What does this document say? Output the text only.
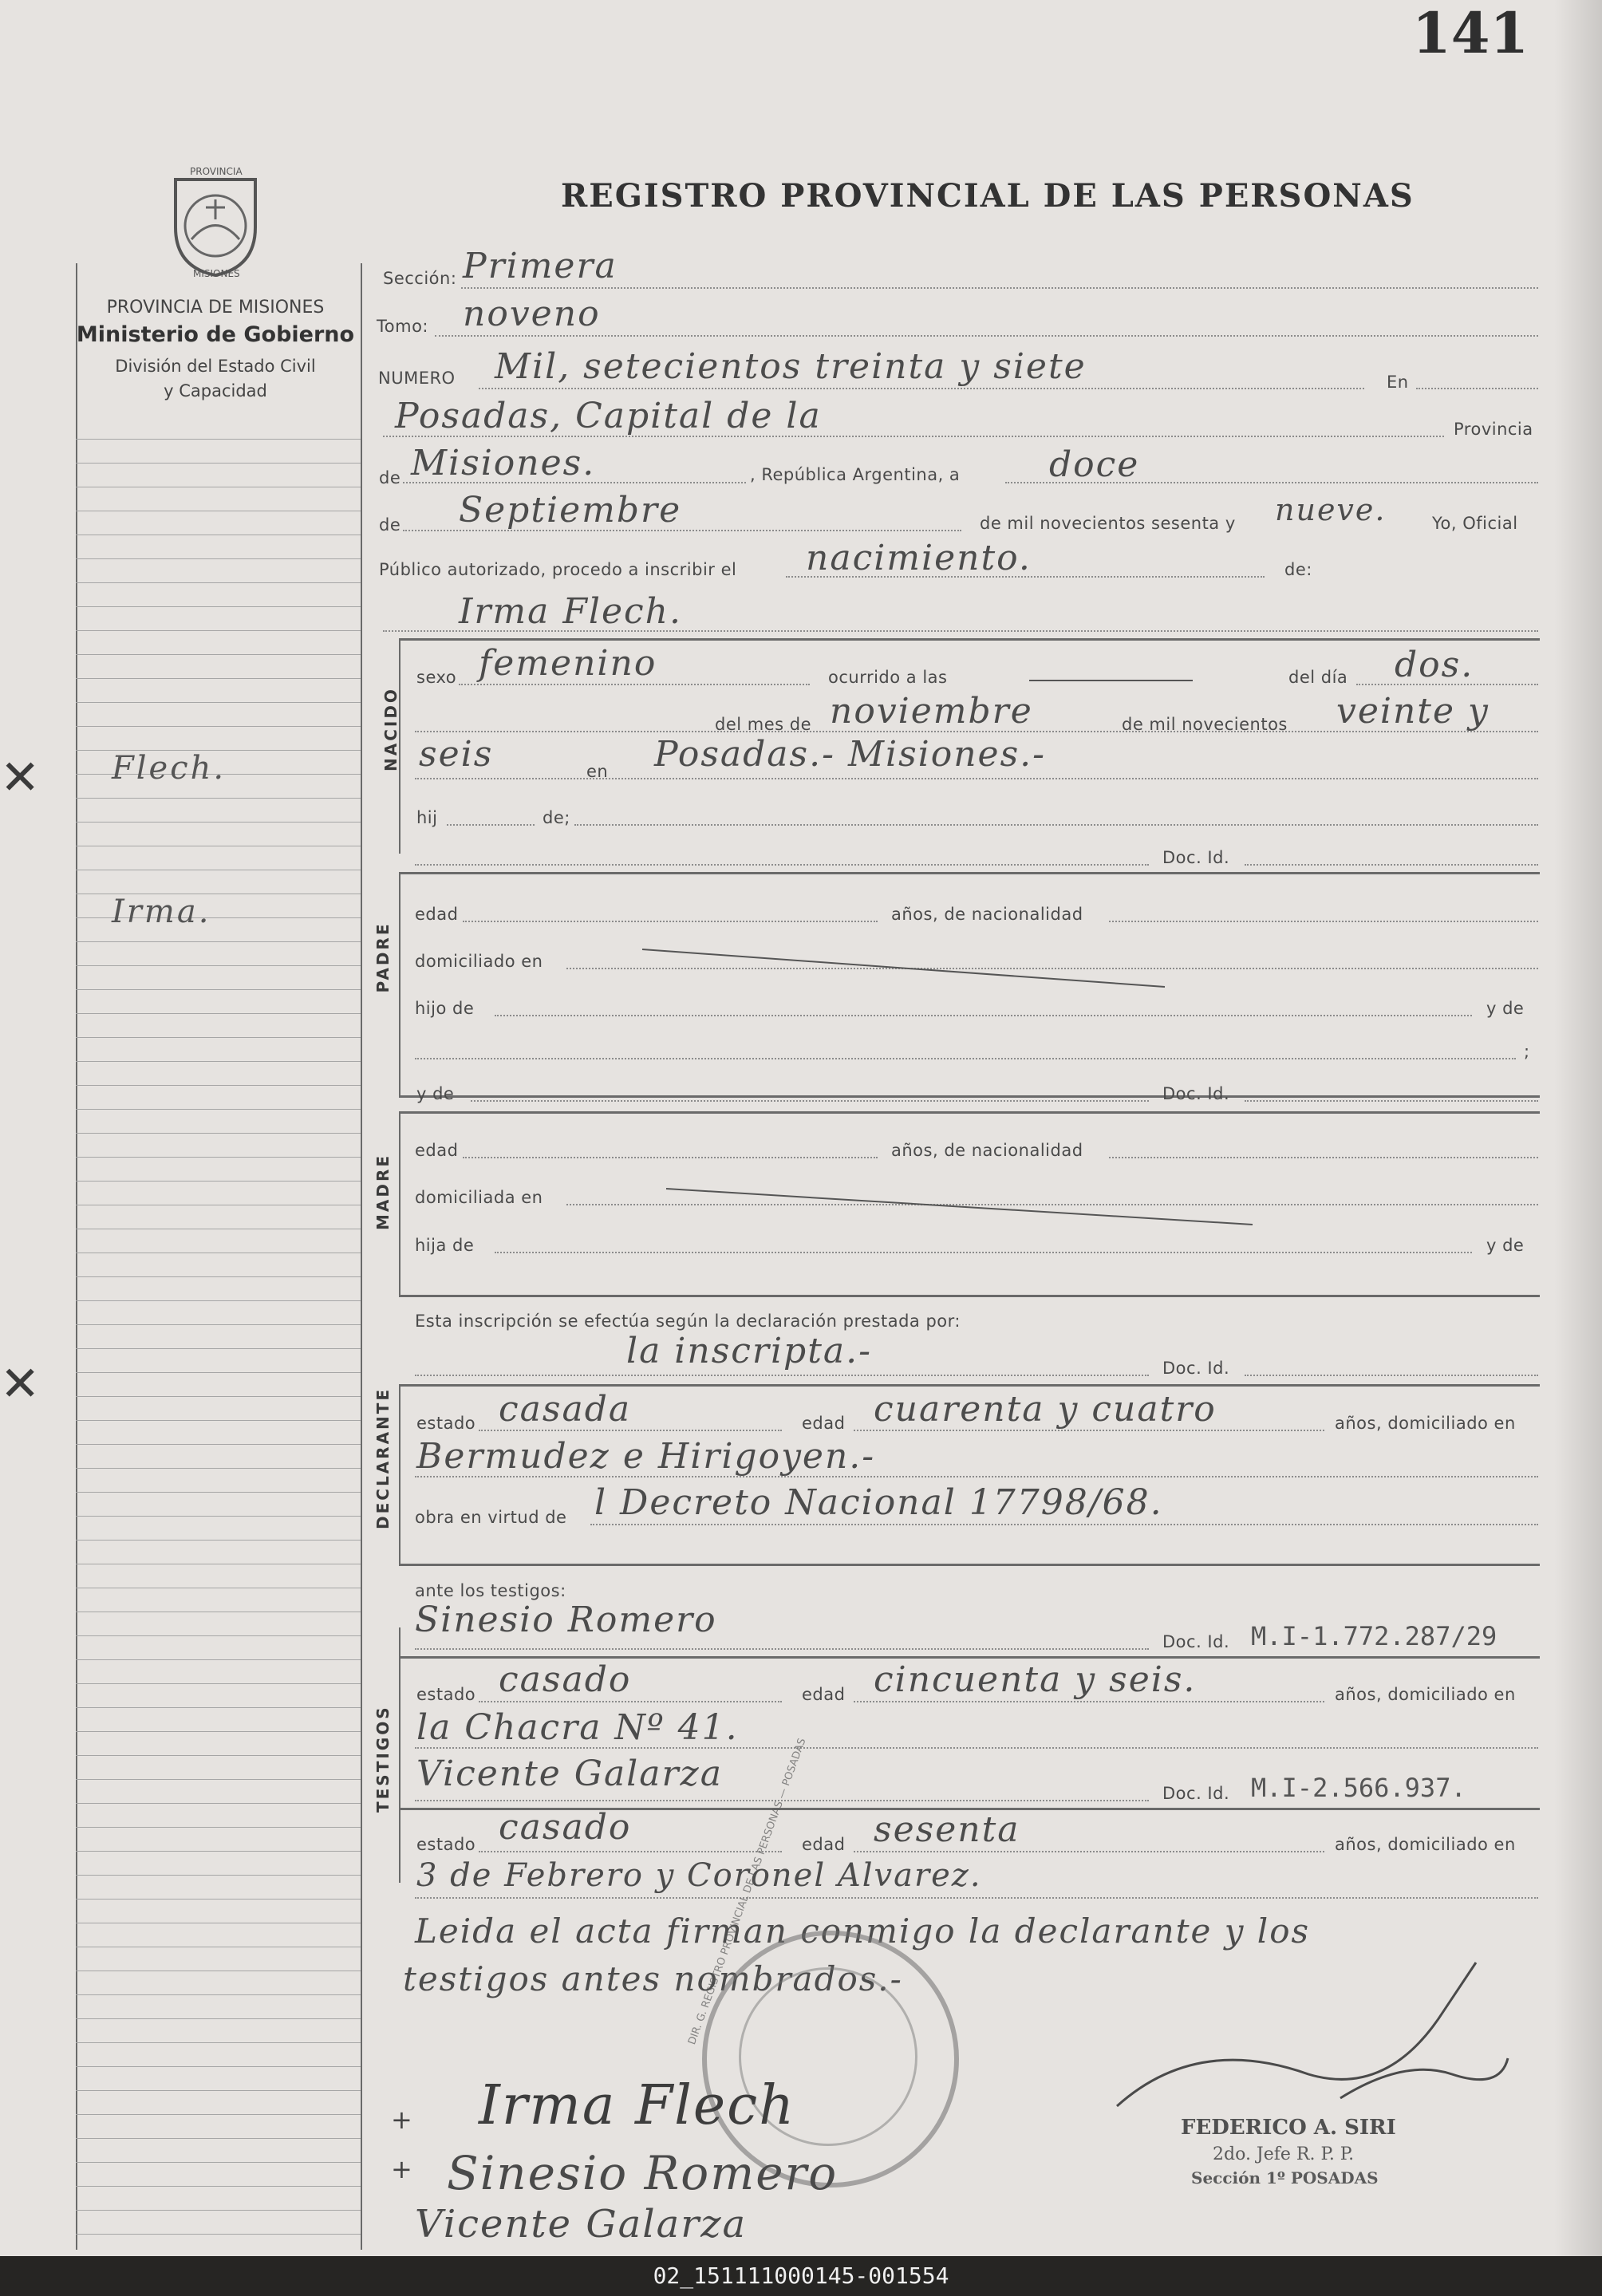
141
✕
✕
PROVINCIA
MISIONES
REGISTRO PROVINCIAL DE LAS PERSONAS
PROVINCIA DE MISIONES
Ministerio de Gobierno
División del Estado Civil
y Capacidad
Flech.
Irma.
Sección: Primera
Tomo: noveno
NUMERO Mil, setecientos treinta y siete	En
Posadas, Capital de la	Provincia
de Misiones.	, República Argentina, a	doce
de Septiembre	de mil novecientos sesenta y nueve.	Yo, Oficial
Público autorizado, procedo a inscribir el nacimiento.	de:
Irma Flech.
NACIDO
sexo femenino	ocurrido a las	del día dos.
del mes de noviembre	de mil novecientos veinte y
seis	en Posadas.- Misiones.-
hij	de;
Doc. Id.
PADRE
edad	años, de nacionalidad
domiciliado en
hijo de	y de
;
y de	Doc. Id.
MADRE
edad	años, de nacionalidad
domiciliada en
hija de	y de
Esta inscripción se efectúa según la declaración prestada por:
la inscripta.-	Doc. Id.
DECLARANTE estado casada	edad cuarenta y cuatro	años, domiciliado en
Bermudez e Hirigoyen.-
obra en virtud de l Decreto Nacional 17798/68.
ante los testigos:
Sinesio Romero
Doc. Id. M.I-1.772.287/29
TESTIGOS
estado casado	edad cincuenta y seis.	años, domiciliado en
la Chacra Nº 41.
Vicente Galarza	Doc. Id. M.I-2.566.937.
estado casado	edad sesenta	años, domiciliado en
3 de Febrero y Coronel Alvarez.
Leida el acta firman conmigo la declarante y los
testigos antes nombrados.-
DIR. G. REGISTRO PROVINCIAL DE LAS PERSONAS — POSADAS
Irma Flech
Sinesio Romero
Vicente Galarza
+
+
FEDERICO A. SIRI
2do. Jefe R. P. P.
Sección 1º POSADAS
02_151111000145-001554
